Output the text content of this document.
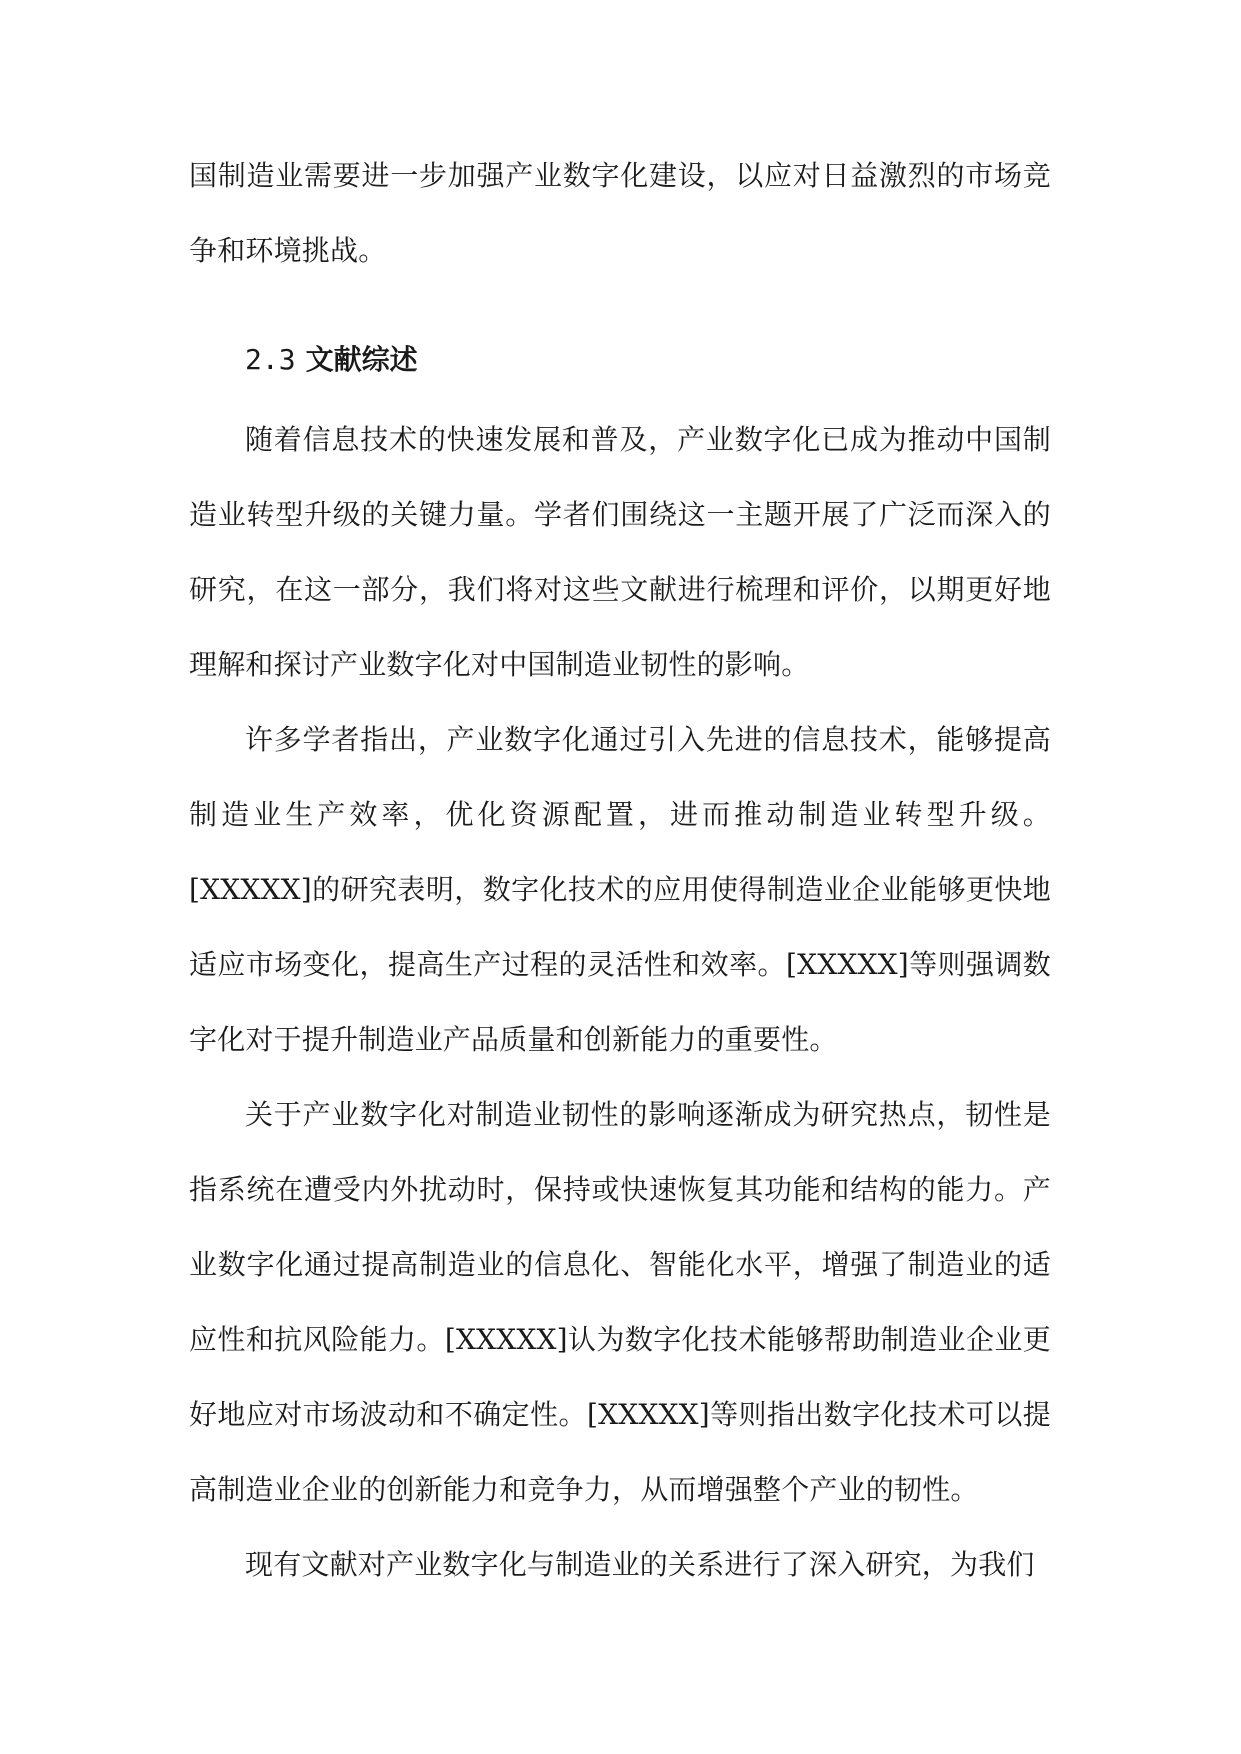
国制造业需要进一步加强产业数字化建设，以应对日益激烈的市场竞争和环境挑战。

2.3 文献综述

随着信息技术的快速发展和普及，产业数字化已成为推动中国制造业转型升级的关键力量。学者们围绕这一主题开展了广泛而深入的研究，在这一部分，我们将对这些文献进行梳理和评价，以期更好地理解和探讨产业数字化对中国制造业韧性的影响。

许多学者指出，产业数字化通过引入先进的信息技术，能够提高制造业生产效率，优化资源配置，进而推动制造业转型升级。[XXXXX]的研究表明，数字化技术的应用使得制造业企业能够更快地适应市场变化，提高生产过程的灵活性和效率。[XXXXX]等则强调数字化对于提升制造业产品质量和创新能力的重要性。

关于产业数字化对制造业韧性的影响逐渐成为研究热点，韧性是指系统在遭受内外扰动时，保持或快速恢复其功能和结构的能力。产业数字化通过提高制造业的信息化、智能化水平，增强了制造业的适应性和抗风险能力。[XXXXX]认为数字化技术能够帮助制造业企业更好地应对市场波动和不确定性。[XXXXX]等则指出数字化技术可以提高制造业企业的创新能力和竞争力，从而增强整个产业的韧性。

现有文献对产业数字化与制造业的关系进行了深入研究，为我们
